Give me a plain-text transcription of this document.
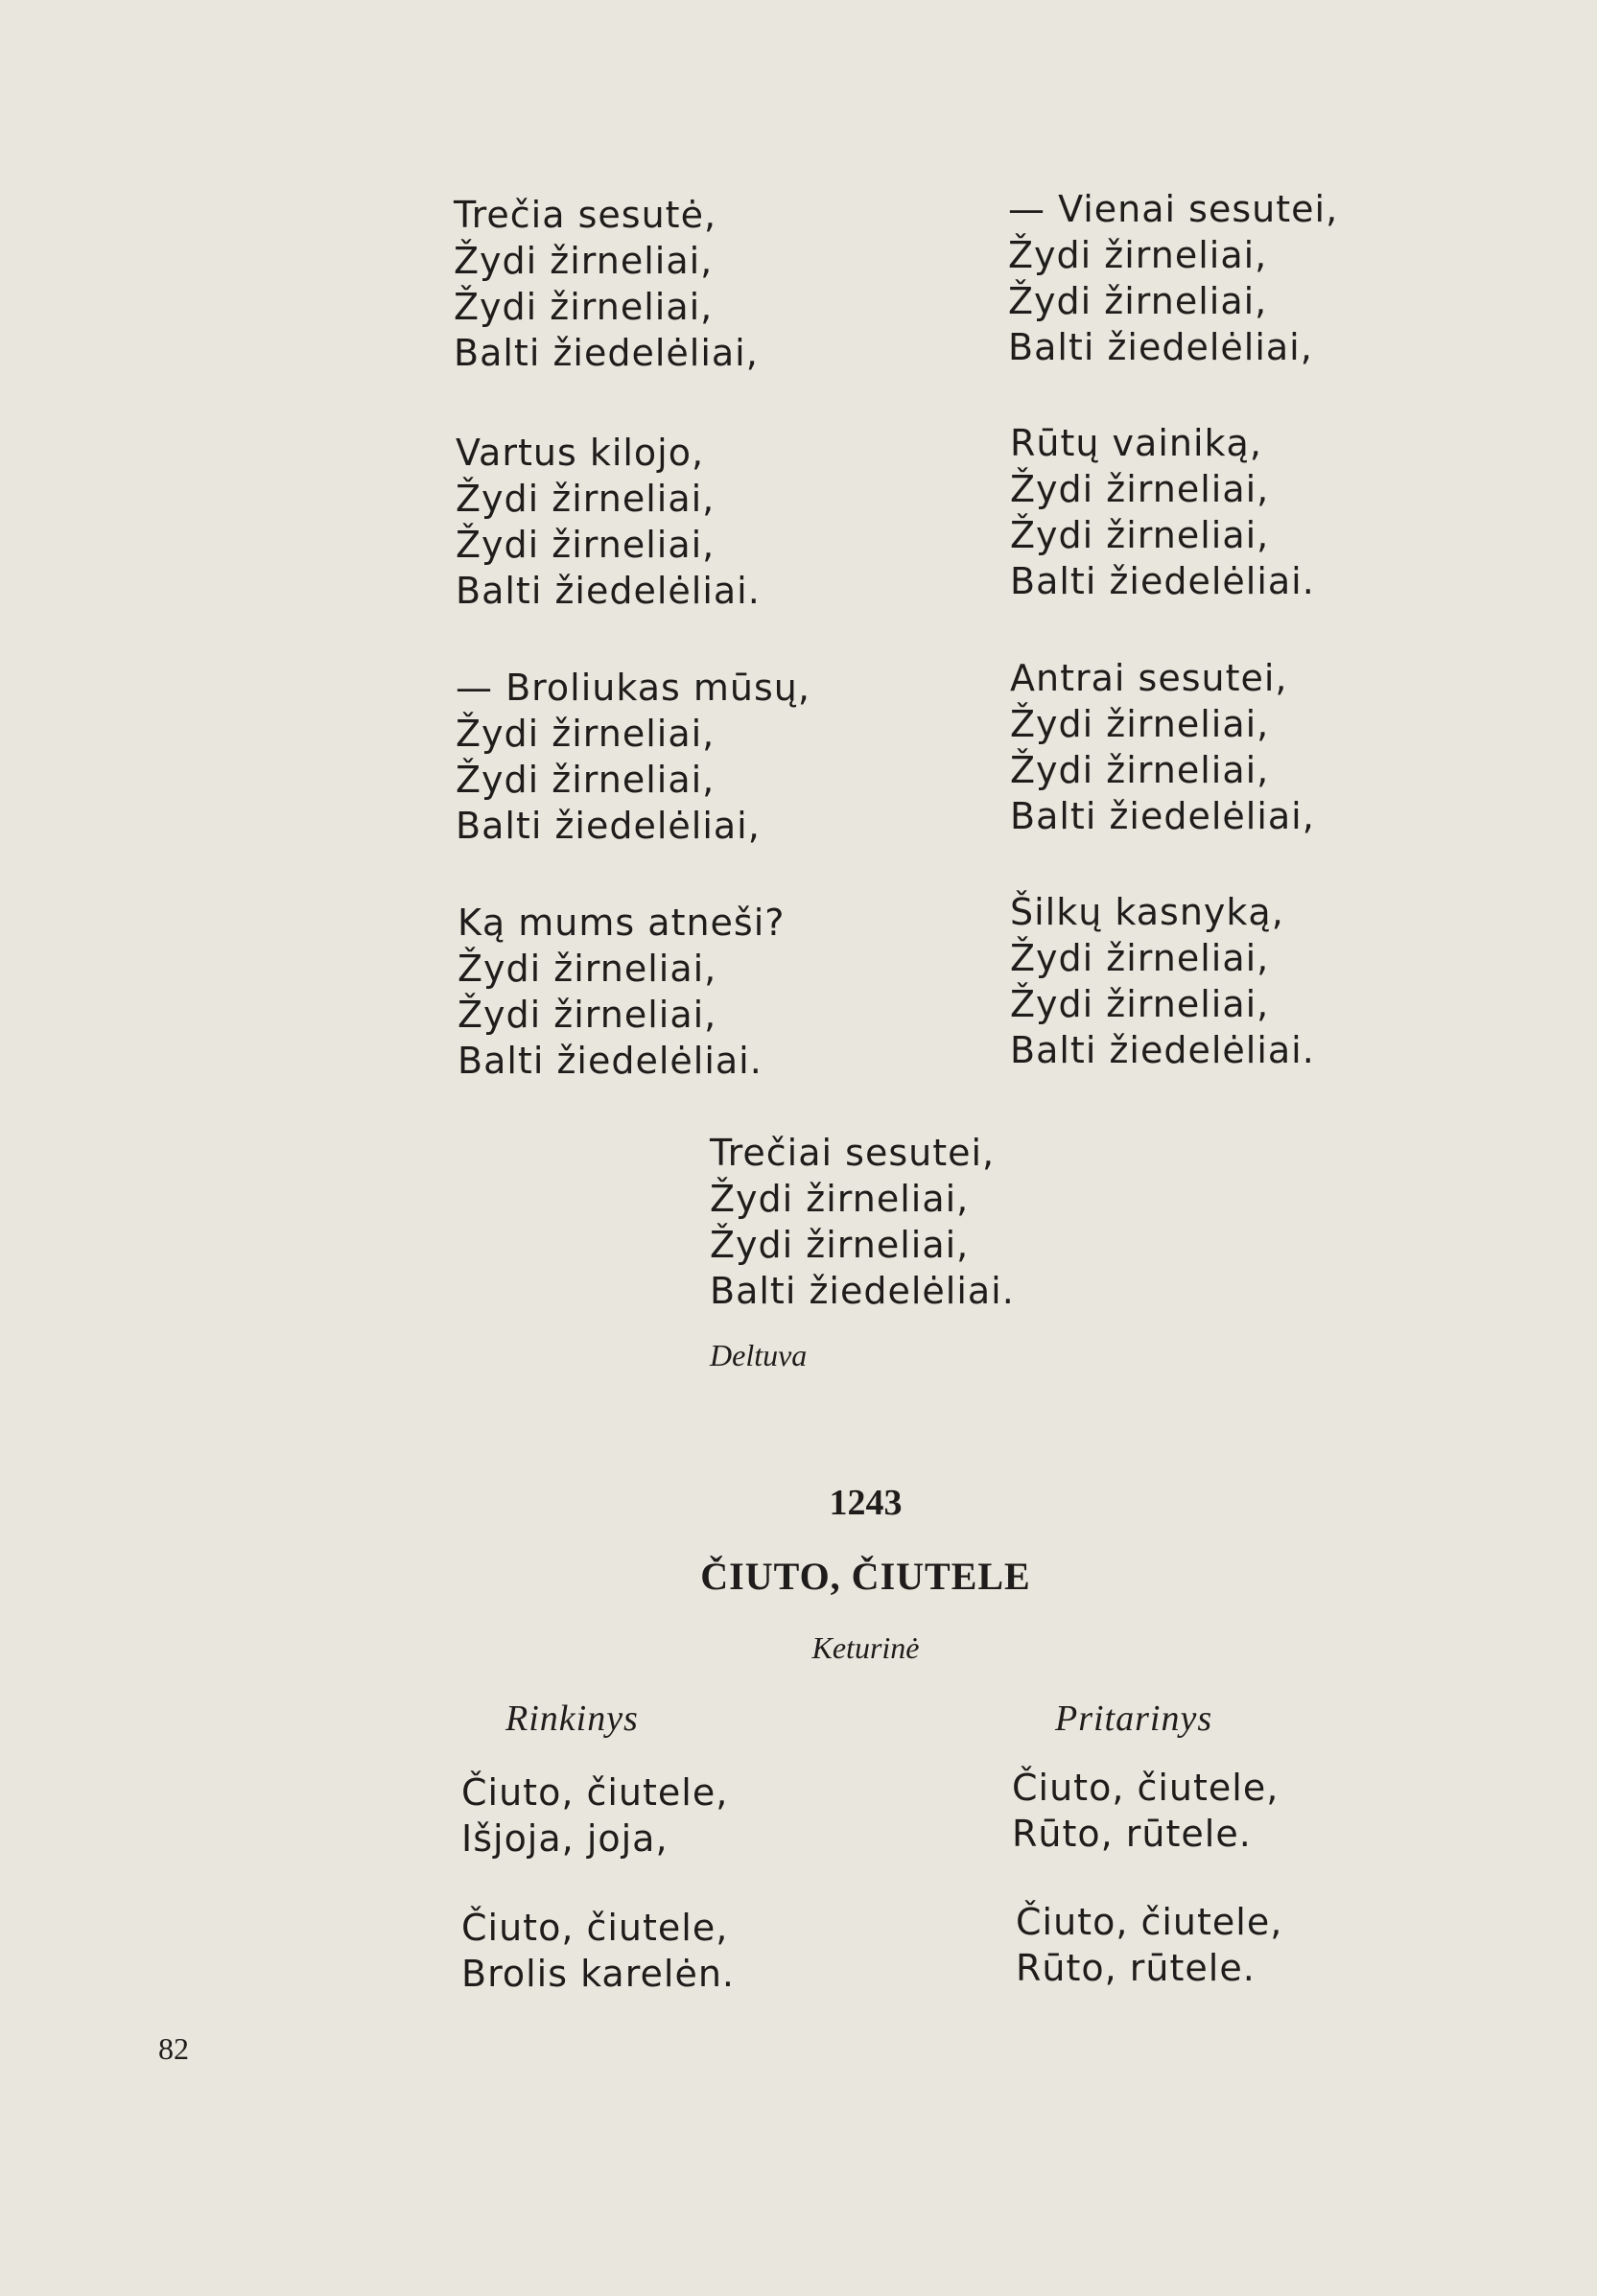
Trečia sesutė,
Žydi žirneliai,
Žydi žirneliai,
Balti žiedelėliai,
Vartus kilojo,
Žydi žirneliai,
Žydi žirneliai,
Balti žiedelėliai.
— Broliukas mūsų,
Žydi žirneliai,
Žydi žirneliai,
Balti žiedelėliai,
Ką mums atneši?
Žydi žirneliai,
Žydi žirneliai,
Balti žiedelėliai.
— Vienai sesutei,
Žydi žirneliai,
Žydi žirneliai,
Balti žiedelėliai,
Rūtų vainiką,
Žydi žirneliai,
Žydi žirneliai,
Balti žiedelėliai.
Antrai sesutei,
Žydi žirneliai,
Žydi žirneliai,
Balti žiedelėliai,
Šilkų kasnyką,
Žydi žirneliai,
Žydi žirneliai,
Balti žiedelėliai.
Trečiai sesutei,
Žydi žirneliai,
Žydi žirneliai,
Balti žiedelėliai.
Deltuva
1243
ČIUTO, ČIUTELE
Keturinė
Rinkinys	Pritarinys
Čiuto, čiutele,
Išjoja, joja,
Čiuto, čiutele,
Brolis karelėn.
Čiuto, čiutele,
Rūto, rūtele.
Čiuto, čiutele,
Rūto, rūtele.
82
